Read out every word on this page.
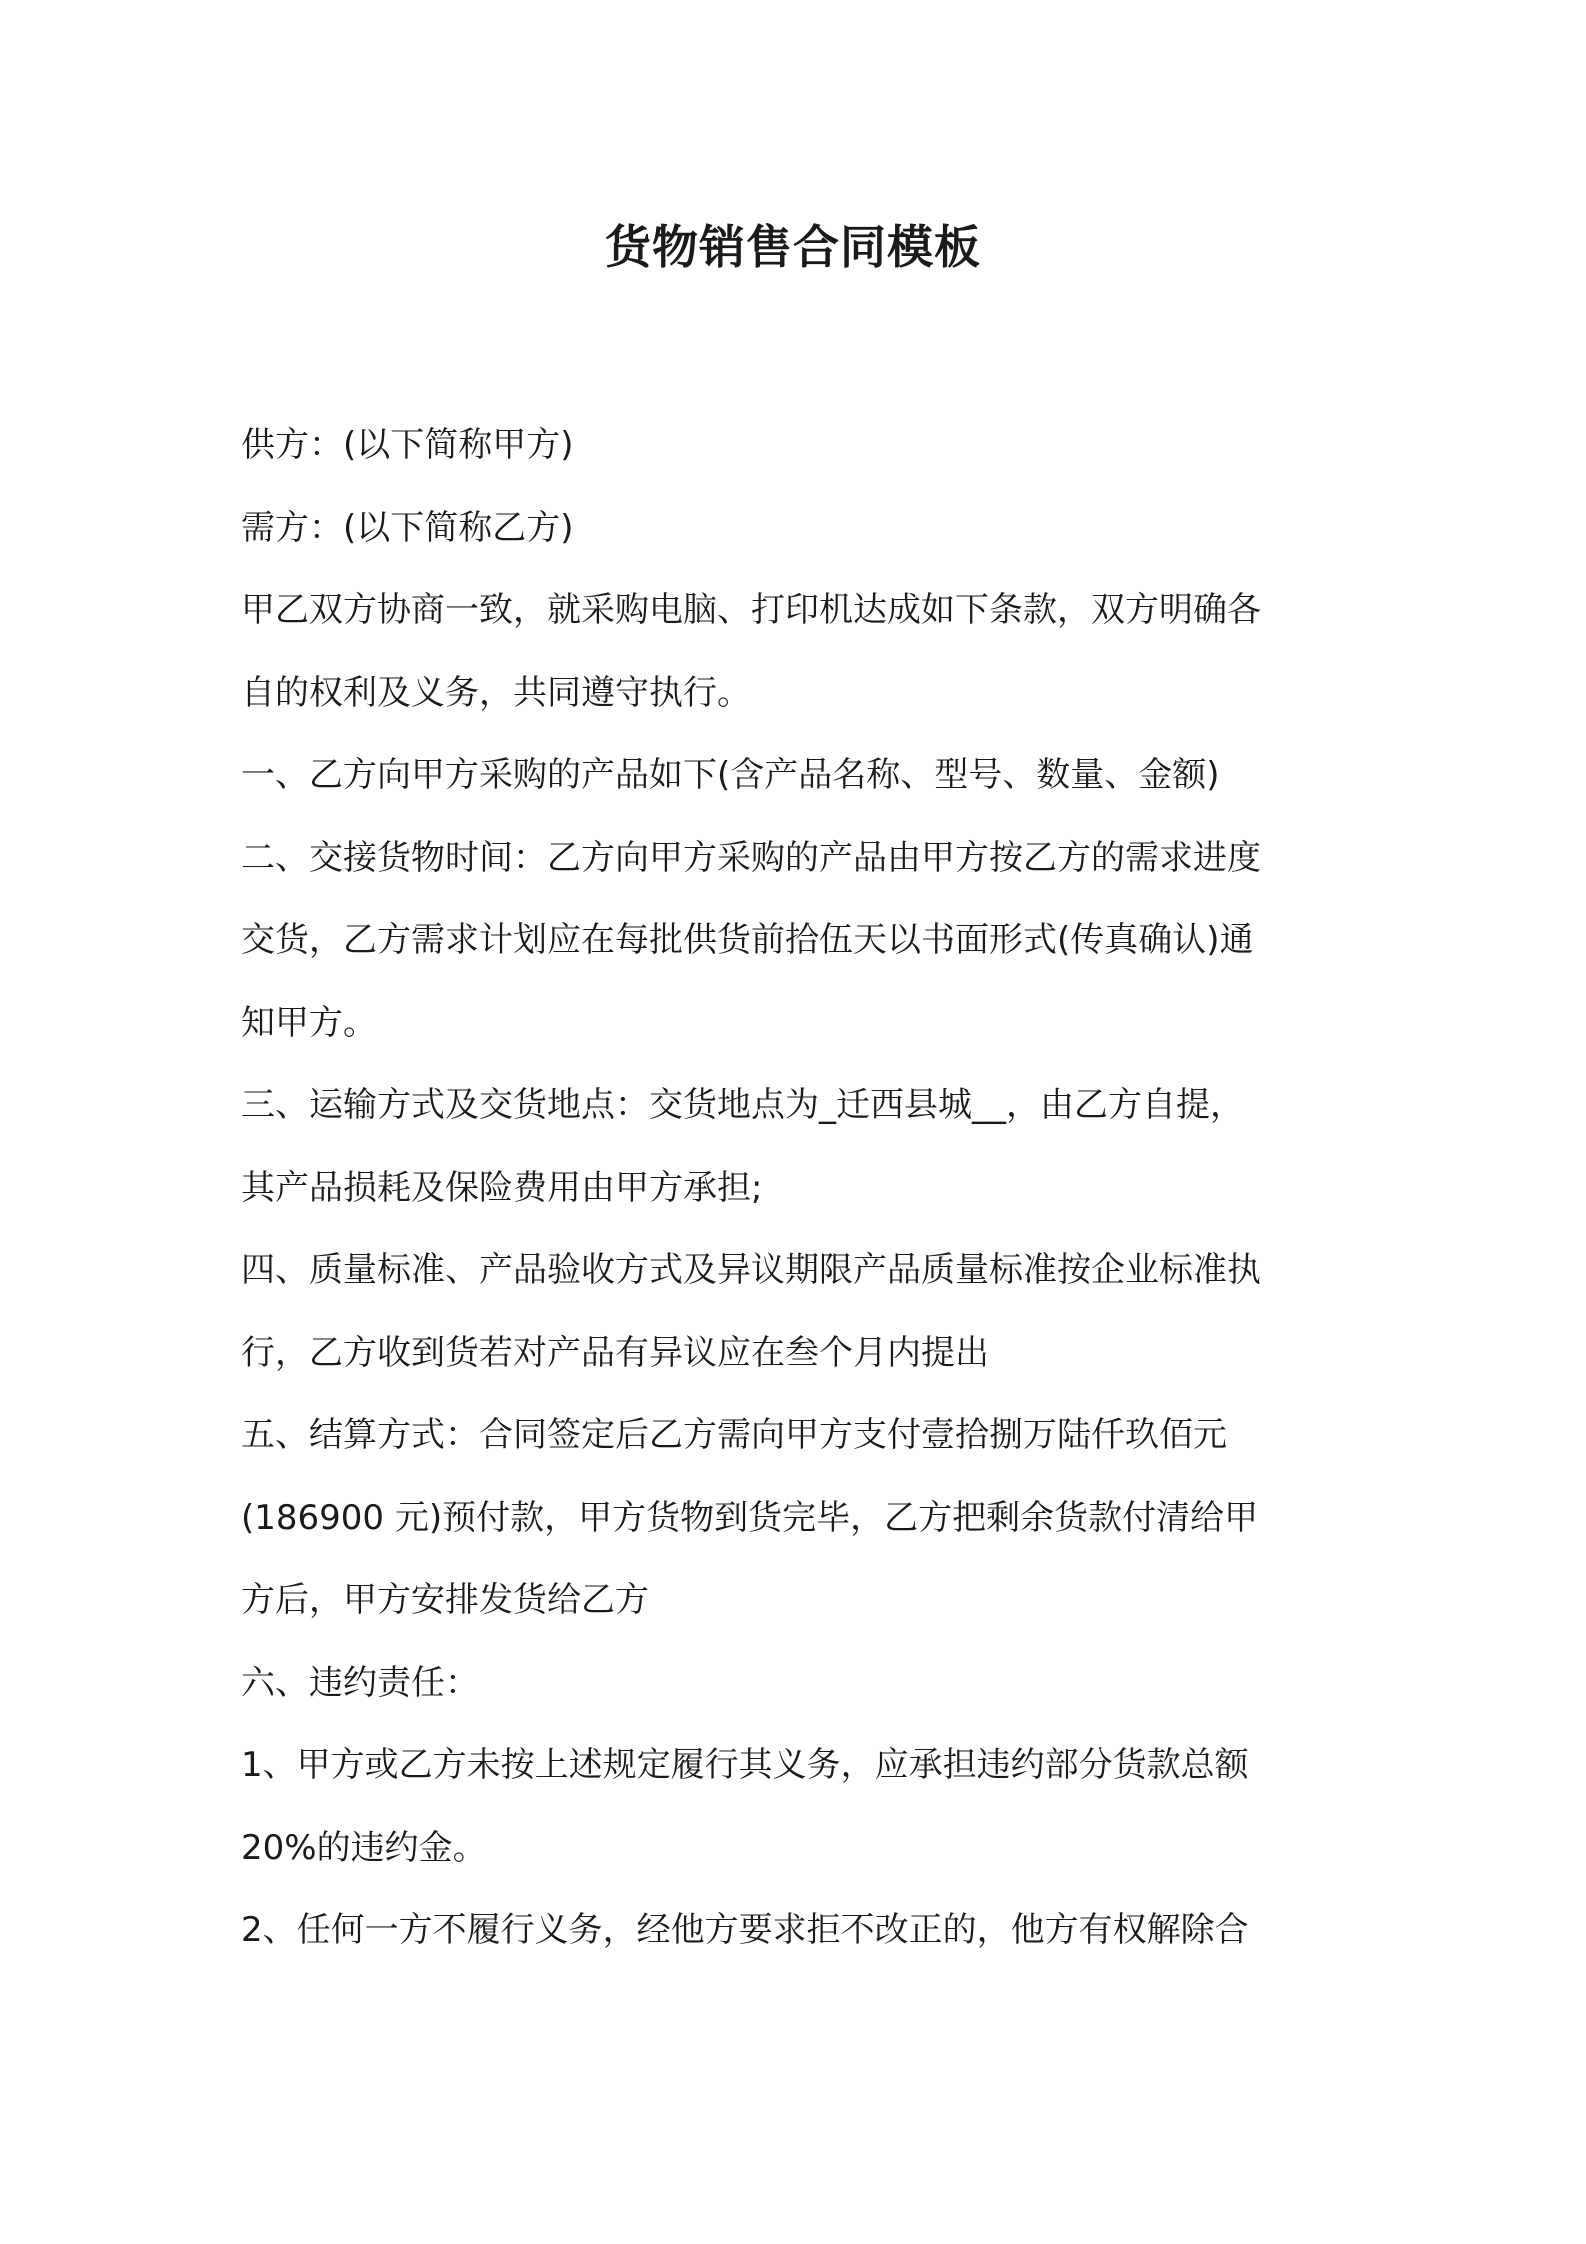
货物销售合同模板

供方：(以下简称甲方)

需方：(以下简称乙方)

甲乙双方协商一致，就采购电脑、打印机达成如下条款，双方明确各

自的权利及义务，共同遵守执行。

一、乙方向甲方采购的产品如下(含产品名称、型号、数量、金额)

二、交接货物时间：乙方向甲方采购的产品由甲方按乙方的需求进度

交货，乙方需求计划应在每批供货前拾伍天以书面形式(传真确认)通

知甲方。

三、运输方式及交货地点：交货地点为_迁西县城__，由乙方自提，

其产品损耗及保险费用由甲方承担;

四、质量标准、产品验收方式及异议期限产品质量标准按企业标准执

行，乙方收到货若对产品有异议应在叁个月内提出

五、结算方式：合同签定后乙方需向甲方支付壹拾捌万陆仟玖佰元

(186900 元)预付款，甲方货物到货完毕，乙方把剩余货款付清给甲

方后，甲方安排发货给乙方

六、违约责任：

1、甲方或乙方未按上述规定履行其义务，应承担违约部分货款总额

20%的违约金。

2、任何一方不履行义务，经他方要求拒不改正的，他方有权解除合
